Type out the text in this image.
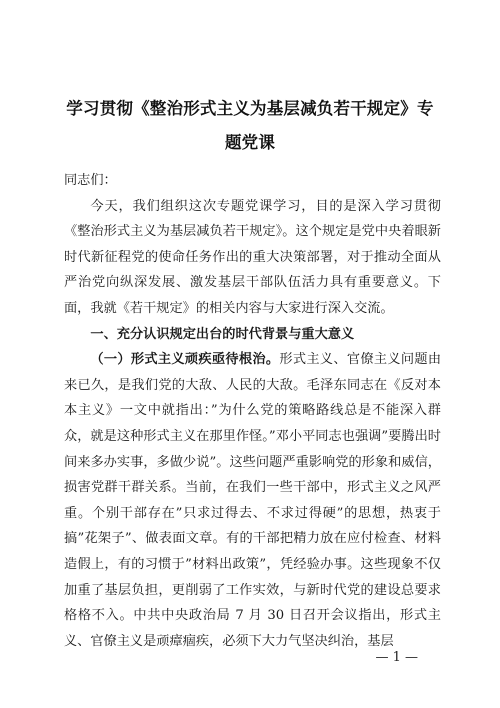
学习贯彻《整治形式主义为基层减负若干规定》专题党课

同志们：

今天，我们组织这次专题党课学习，目的是深入学习贯彻《整治形式主义为基层减负若干规定》。这个规定是党中央着眼新时代新征程党的使命任务作出的重大决策部署，对于推动全面从严治党向纵深发展、激发基层干部队伍活力具有重要意义。下面，我就《若干规定》的相关内容与大家进行深入交流。

一、充分认识规定出台的时代背景与重大意义

（一）形式主义顽疾亟待根治。形式主义、官僚主义问题由来已久，是我们党的大敌、人民的大敌。毛泽东同志在《反对本本主义》一文中就指出：”为什么党的策略路线总是不能深入群众，就是这种形式主义在那里作怪。”邓小平同志也强调”要腾出时间来多办实事，多做少说”。这些问题严重影响党的形象和威信，损害党群干群关系。当前，在我们一些干部中，形式主义之风严重。个别干部存在”只求过得去、不求过得硬”的思想，热衷于搞”花架子”、做表面文章。有的干部把精力放在应付检查、材料造假上，有的习惯于”材料出政策”，凭经验办事。这些现象不仅加重了基层负担，更削弱了工作实效，与新时代党的建设总要求格格不入。中共中央政治局 7 月 30 日召开会议指出，形式主义、官僚主义是顽瘴痼疾，必须下大力气坚决纠治，基层

— 1 —
